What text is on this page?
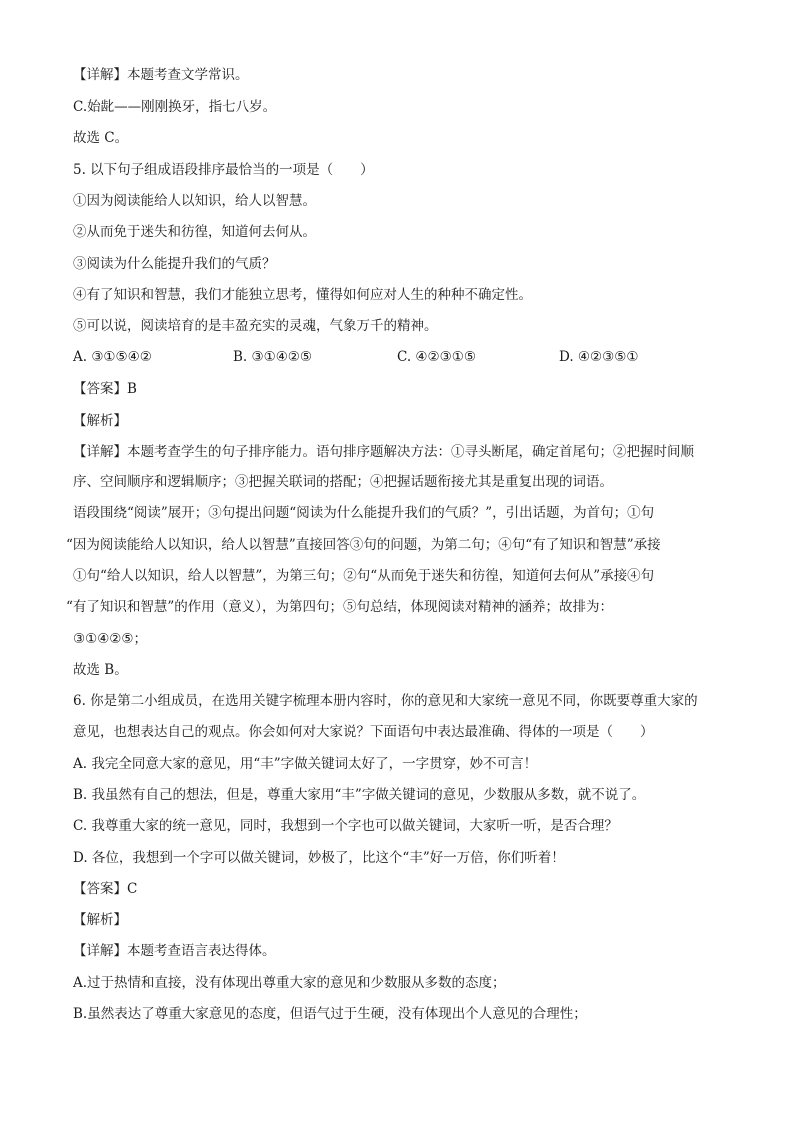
【详解】本题考查文学常识。
C.始龀——刚刚换牙，指七八岁。
故选 C。
5. 以下句子组成语段排序最恰当的一项是（　　）
①因为阅读能给人以知识，给人以智慧。
②从而免于迷失和彷徨，知道何去何从。
③阅读为什么能提升我们的气质？
④有了知识和智慧，我们才能独立思考，懂得如何应对人生的种种不确定性。
⑤可以说，阅读培育的是丰盈充实的灵魂，气象万千的精神。
A. ③①⑤④②	B. ③①④②⑤	C. ④②③①⑤	D. ④②③⑤①
【答案】B
【解析】
【详解】本题考查学生的句子排序能力。语句排序题解决方法：①寻头断尾，确定首尾句；②把握时间顺
序、空间顺序和逻辑顺序；③把握关联词的搭配；④把握话题衔接尤其是重复出现的词语。
语段围绕“阅读”展开；③句提出问题“阅读为什么能提升我们的气质？”，引出话题，为首句；①句
“因为阅读能给人以知识，给人以智慧”直接回答③句的问题，为第二句；④句“有了知识和智慧”承接
①句“给人以知识，给人以智慧”，为第三句；②句“从而免于迷失和彷徨，知道何去何从”承接④句
“有了知识和智慧”的作用（意义），为第四句；⑤句总结，体现阅读对精神的涵养；故排为：
③①④②⑤；
故选 B。
6. 你是第二小组成员，在选用关键字梳理本册内容时，你的意见和大家统一意见不同，你既要尊重大家的
意见，也想表达自己的观点。你会如何对大家说？下面语句中表达最准确、得体的一项是（　　）
A. 我完全同意大家的意见，用“丰”字做关键词太好了，一字贯穿，妙不可言！
B. 我虽然有自己的想法，但是，尊重大家用“丰”字做关键词的意见，少数服从多数，就不说了。
C. 我尊重大家的统一意见，同时，我想到一个字也可以做关键词，大家听一听，是否合理？
D. 各位，我想到一个字可以做关键词，妙极了，比这个“丰”好一万倍，你们听着！
【答案】C
【解析】
【详解】本题考查语言表达得体。
A.过于热情和直接，没有体现出尊重大家的意见和少数服从多数的态度；
B.虽然表达了尊重大家意见的态度，但语气过于生硬，没有体现出个人意见的合理性；
